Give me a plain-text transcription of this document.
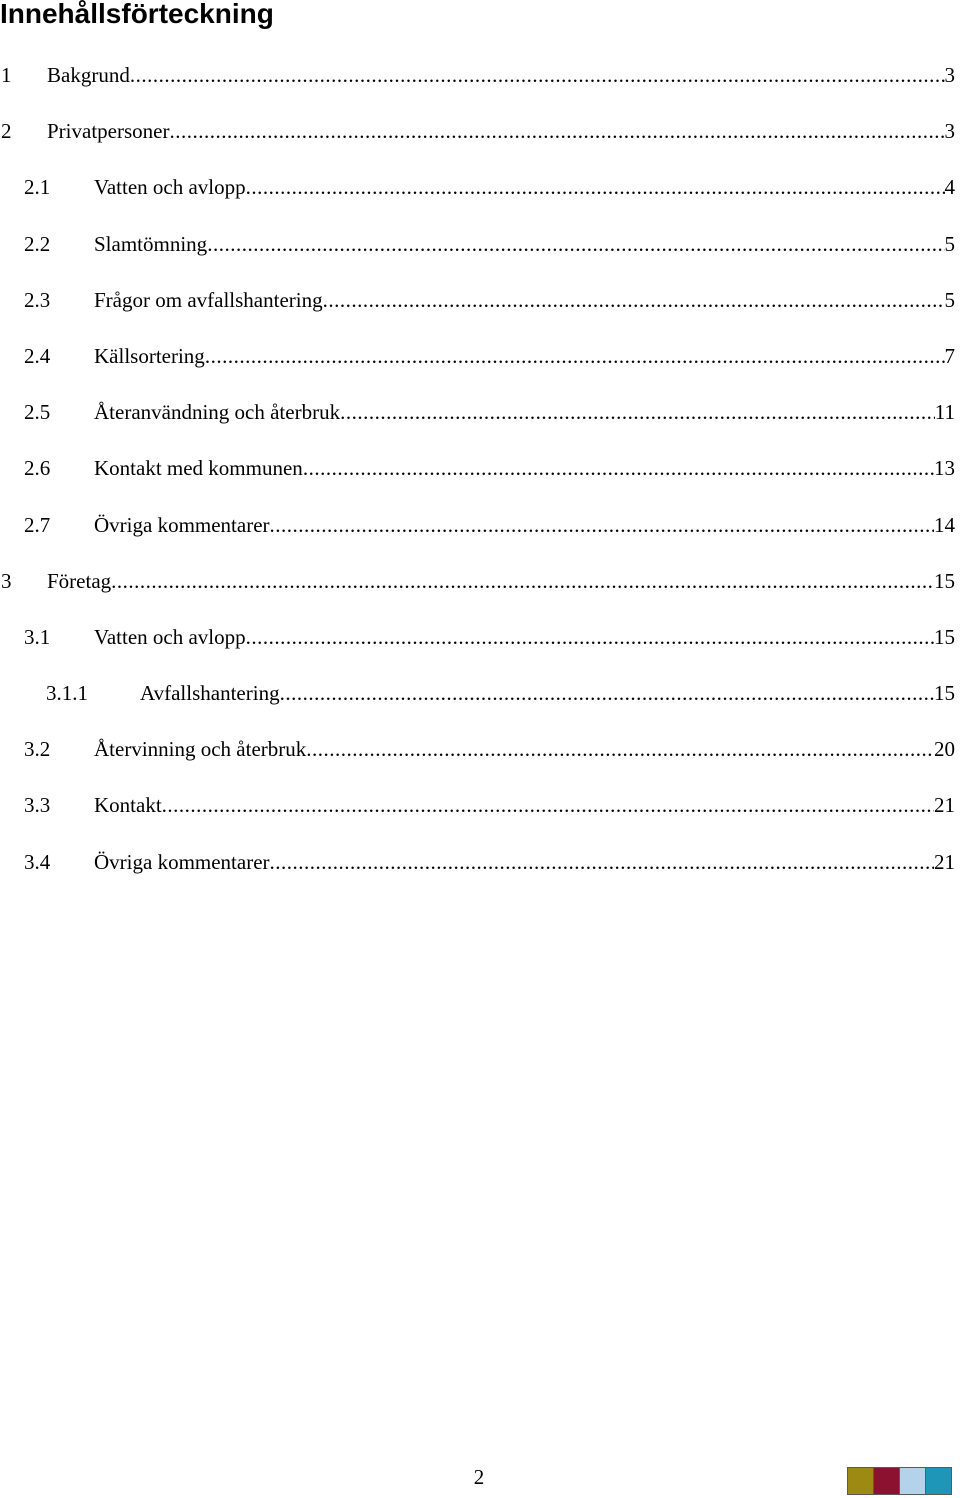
Innehållsförteckning
1	Bakgrund .....	3
2	Privatpersoner .....	3
2.1	Vatten och avlopp .....	4
2.2	Slamtömning .....	5
2.3	Frågor om avfallshantering .....	5
2.4	Källsortering .....	7
2.5	Återanvändning och återbruk .....	11
2.6	Kontakt med kommunen .....	13
2.7	Övriga kommentarer .....	14
3	Företag .....	15
3.1	Vatten och avlopp .....	15
3.1.1	Avfallshantering .....	15
3.2	Återvinning och återbruk .....	20
3.3	Kontakt .....	21
3.4	Övriga kommentarer .....	21
2
